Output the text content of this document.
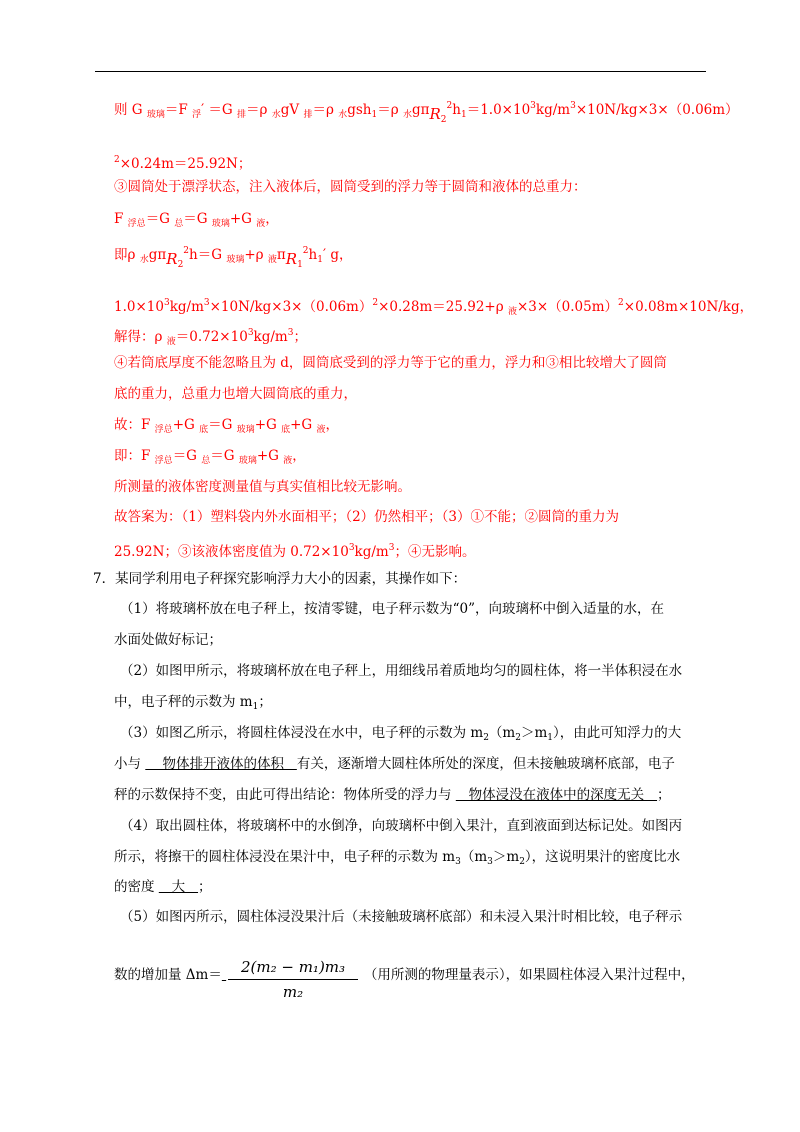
则 G $_{玻璃}$＝F $_浮$′ ＝G $_排$＝ρ $_水$gV $_排$＝ρ $_水$gsh$_1$＝ρ $_水g\pi R_2^2h_1=1.0\times 10^3kg/m^3\times 10N/kg\times 3\times(0.06m)$
$^2$×0.24m＝25.92N；
③圆筒处于漂浮状态，注入液体后，圆筒受到的浮力等于圆筒和液体的总重力：
F $_{浮总}$＝G $_总$＝G $_{玻璃}$+G $_液$，
即ρ $_水$gπR$_2^2$h＝G $_{玻璃}$+ρ $_液\pi R_1^2h_1'$ g，
$1.0\times 10^3kg/m^3\times 10N/kg\times 3\times(0.06m)^2\times 0.28m=25.92+\rho$ $_液\times 3\times(0.05m)^2\times 0.08m\times 10N/kg$，
解得：ρ $_液=0.72\times 10^3kg/m^3$；
④若筒底厚度不能忽略且为 d，圆筒底受到的浮力等于它的重力，浮力和③相比较增大了圆筒
底的重力，总重力也增大圆筒底的重力，
故：F $_{浮总}$+G $_底$＝G $_{玻璃}$+G $_底$+G $_液$，
即：F $_{浮总}$＝G $_总$＝G $_{玻璃}$+G $_液$，
所测量的液体密度测量值与真实值相比较无影响。
故答案为：（1）塑料袋内外水面相平；（2）仍然相平；（3）①不能；②圆筒的重力为
25.92N；③该液体密度值为 $0.72\times 10^3kg/m^3$；④无影响。
7．某同学利用电子秤探究影响浮力大小的因素，其操作如下：
（1）将玻璃杯放在电子秤上，按清零键，电子秤示数为“0”，向玻璃杯中倒入适量的水，在
水面处做好标记；
（2）如图甲所示，将玻璃杯放在电子秤上，用细线吊着质地均匀的圆柱体，将一半体积浸在水
中，电子秤的示数为 $m_1$；
（3）如图乙所示，将圆柱体浸没在水中，电子秤的示数为 $m_2(m_2>m_1)$，由此可知浮力的大
小与     物体排开液体的体积   有关，逐渐增大圆柱体所处的深度，但未接触玻璃杯底部，电子
秤的示数保持不变，由此可得出结论：物体所受的浮力与    物体浸没在液体中的深度无关   ；
（4）取出圆柱体，将玻璃杯中的水倒净，向玻璃杯中倒入果汁，直到液面到达标记处。如图丙
所示，将擦干的圆柱体浸没在果汁中，电子秤的示数为 $m_3(m_3>m_2)$，这说明果汁的密度比水
的密度    大   ；
（5）如图丙所示，圆柱体浸没果汁后（未接触玻璃杯底部）和未浸入果汁时相比较，电子秤示
数的增加量 Δm＝	（用所测的物理量表示），如果圆柱体浸入果汁过程中，
$\frac{\text{2(m₂ − m₁)m₃}}{\text{m₂}}$
